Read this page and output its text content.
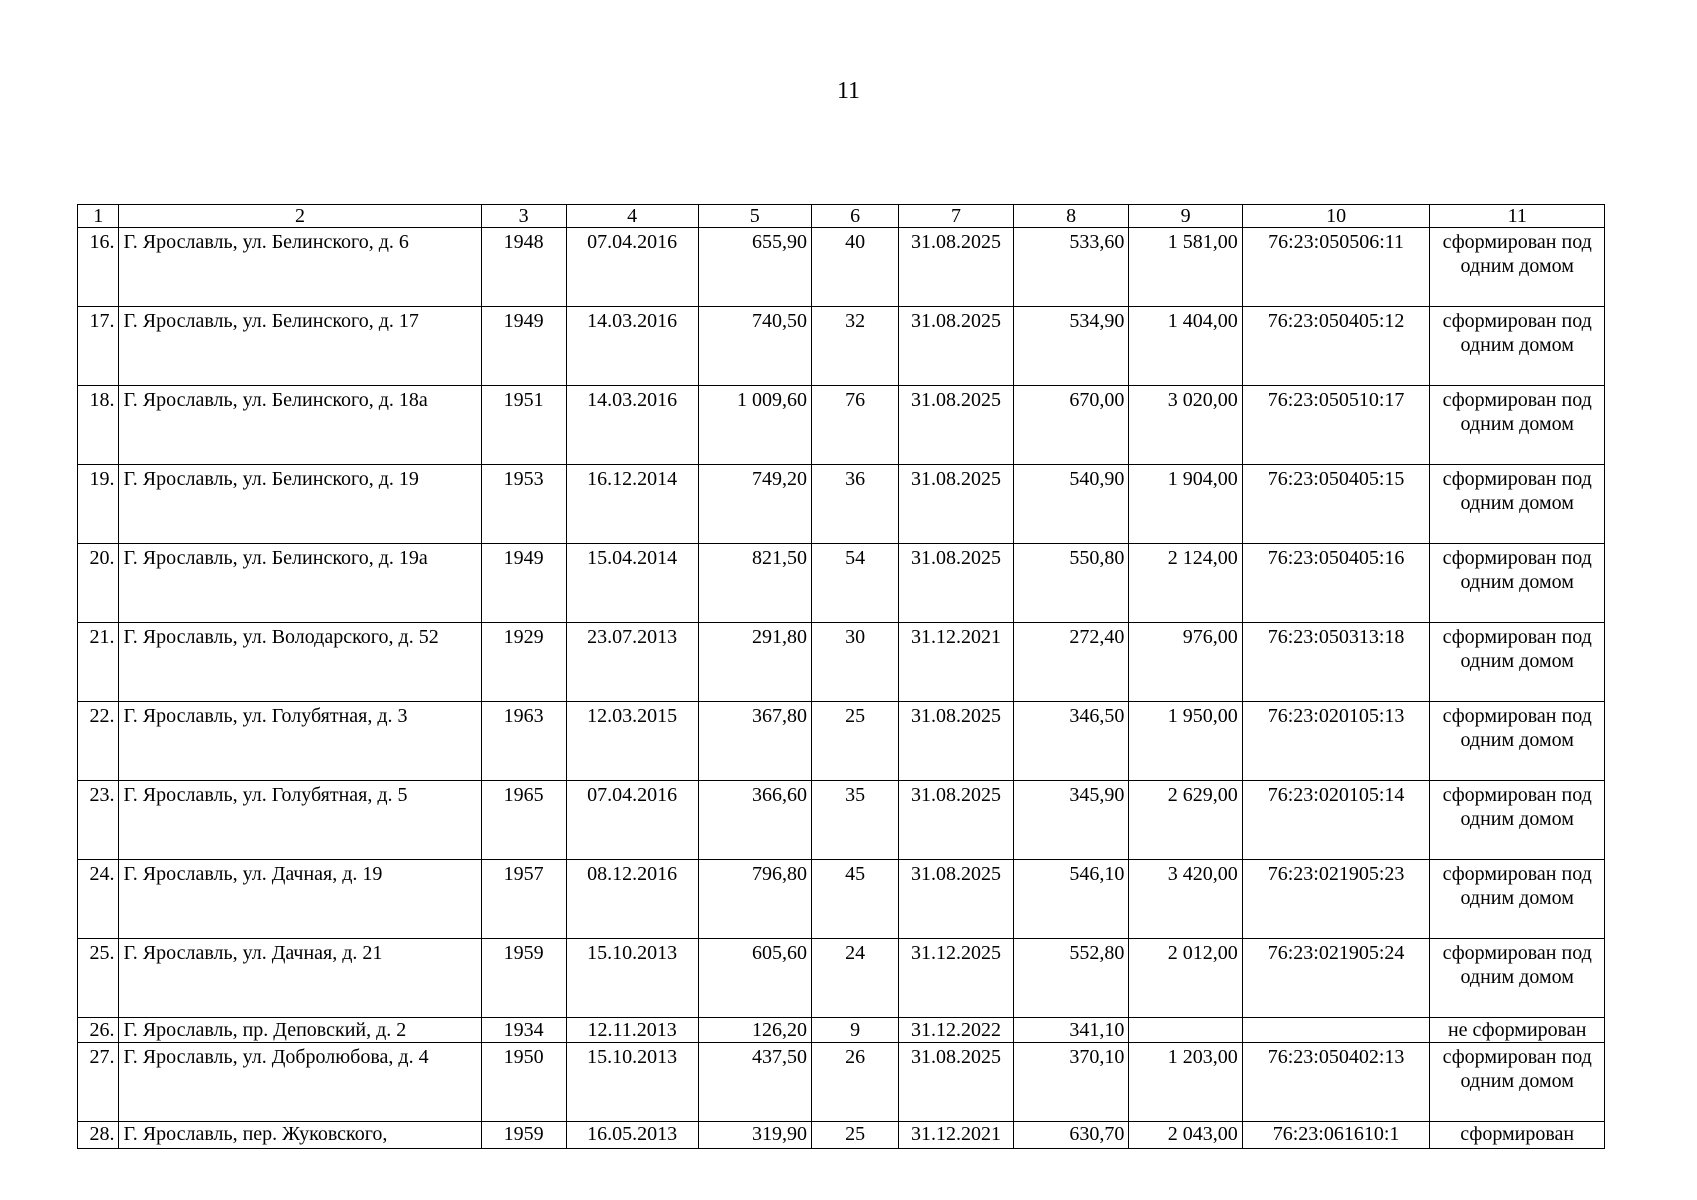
11
1	2	3	4	5	6	7	8	9	10	11
16.	Г. Ярославль, ул. Белинского, д. 6	1948	07.04.2016	655,90	40	31.08.2025	533,60	1 581,00	76:23:050506:11	сформирован под одним домом
17.	Г. Ярославль, ул. Белинского, д. 17	1949	14.03.2016	740,50	32	31.08.2025	534,90	1 404,00	76:23:050405:12	сформирован под одним домом
18.	Г. Ярославль, ул. Белинского, д. 18а	1951	14.03.2016	1 009,60	76	31.08.2025	670,00	3 020,00	76:23:050510:17	сформирован под одним домом
19.	Г. Ярославль, ул. Белинского, д. 19	1953	16.12.2014	749,20	36	31.08.2025	540,90	1 904,00	76:23:050405:15	сформирован под одним домом
20.	Г. Ярославль, ул. Белинского, д. 19а	1949	15.04.2014	821,50	54	31.08.2025	550,80	2 124,00	76:23:050405:16	сформирован под одним домом
21.	Г. Ярославль, ул. Володарского, д. 52	1929	23.07.2013	291,80	30	31.12.2021	272,40	976,00	76:23:050313:18	сформирован под одним домом
22.	Г. Ярославль, ул. Голубятная, д. 3	1963	12.03.2015	367,80	25	31.08.2025	346,50	1 950,00	76:23:020105:13	сформирован под одним домом
23.	Г. Ярославль, ул. Голубятная, д. 5	1965	07.04.2016	366,60	35	31.08.2025	345,90	2 629,00	76:23:020105:14	сформирован под одним домом
24.	Г. Ярославль, ул. Дачная, д. 19	1957	08.12.2016	796,80	45	31.08.2025	546,10	3 420,00	76:23:021905:23	сформирован под одним домом
25.	Г. Ярославль, ул. Дачная, д. 21	1959	15.10.2013	605,60	24	31.12.2025	552,80	2 012,00	76:23:021905:24	сформирован под одним домом
26.	Г. Ярославль, пр. Деповский, д. 2	1934	12.11.2013	126,20	9	31.12.2022	341,10			не сформирован
27.	Г. Ярославль, ул. Добролюбова, д. 4	1950	15.10.2013	437,50	26	31.08.2025	370,10	1 203,00	76:23:050402:13	сформирован под одним домом
28.	Г. Ярославль, пер. Жуковского,	1959	16.05.2013	319,90	25	31.12.2021	630,70	2 043,00	76:23:061610:1	сформирован
